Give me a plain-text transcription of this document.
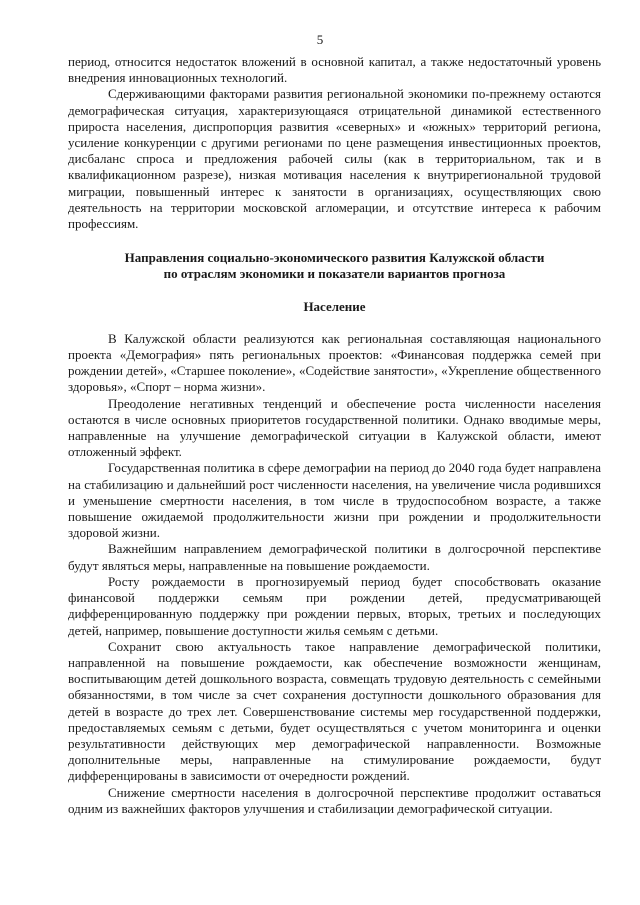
5

период, относится недостаток вложений в основной капитал, а также недостаточный уровень внедрения инновационных технологий.

Сдерживающими факторами развития региональной экономики по-прежнему остаются демографическая ситуация, характеризующаяся отрицательной динамикой естественного прироста населения, диспропорция развития «северных» и «южных» территорий региона, усиление конкуренции с другими регионами по цене размещения инвестиционных проектов, дисбаланс спроса и предложения рабочей силы (как в территориальном, так и в квалификационном разрезе), низкая мотивация населения к внутрирегиональной трудовой миграции, повышенный интерес к занятости в организациях, осуществляющих свою деятельность на территории московской агломерации, и отсутствие интереса к рабочим профессиям.

Направления социально-экономического развития Калужской области

по отраслям экономики и показатели вариантов прогноза

Население

В Калужской области реализуются как региональная составляющая национального проекта «Демография» пять региональных проектов: «Финансовая поддержка семей при рождении детей», «Старшее поколение», «Содействие занятости», «Укрепление общественного здоровья», «Спорт – норма жизни».

Преодоление негативных тенденций и обеспечение роста численности населения остаются в числе основных приоритетов государственной политики. Однако вводимые меры, направленные на улучшение демографической ситуации в Калужской области, имеют отложенный эффект.

Государственная политика в сфере демографии на период до 2040 года будет направлена на стабилизацию и дальнейший рост численности населения, на увеличение числа родившихся и уменьшение смертности населения, в том числе в трудоспособном возрасте, а также повышение ожидаемой продолжительности жизни при рождении и продолжительности здоровой жизни.

Важнейшим направлением демографической политики в долгосрочной перспективе будут являться меры, направленные на повышение рождаемости.

Росту рождаемости в прогнозируемый период будет способствовать оказание финансовой поддержки семьям при рождении детей, предусматривающей дифференцированную поддержку при рождении первых, вторых, третьих и последующих детей, например, повышение доступности жилья семьям с детьми.

Сохранит свою актуальность такое направление демографической политики, направленной на повышение рождаемости, как обеспечение возможности женщинам, воспитывающим детей дошкольного возраста, совмещать трудовую деятельность с семейными обязанностями, в том числе за счет сохранения доступности дошкольного образования для детей в возрасте до трех лет. Совершенствование системы мер государственной поддержки, предоставляемых семьям с детьми, будет осуществляться с учетом мониторинга и оценки результативности действующих мер демографической направленности. Возможные дополнительные меры, направленные на стимулирование рождаемости, будут дифференцированы в зависимости от очередности рождений.

Снижение смертности населения в долгосрочной перспективе продолжит оставаться одним из важнейших факторов улучшения и стабилизации демографической ситуации.
